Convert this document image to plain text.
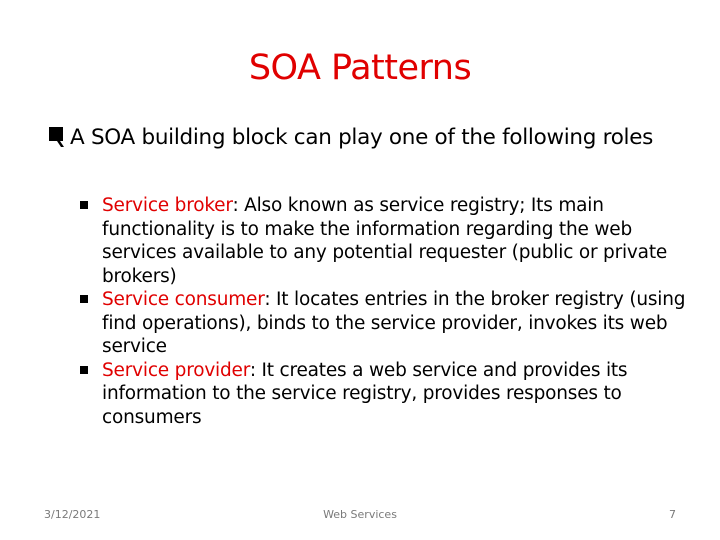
SOA Patterns
A SOA building block can play one of the following roles
Service broker: Also known as service registry; Its main functionality is to make the information regarding the web services available to any potential requester (public or private brokers)
Service consumer: It locates entries in the broker registry (using find operations), binds to the service provider, invokes its web service
Service provider: It creates a web service and provides its information to the service registry, provides responses to consumers
3/12/2021	Web Services	7
